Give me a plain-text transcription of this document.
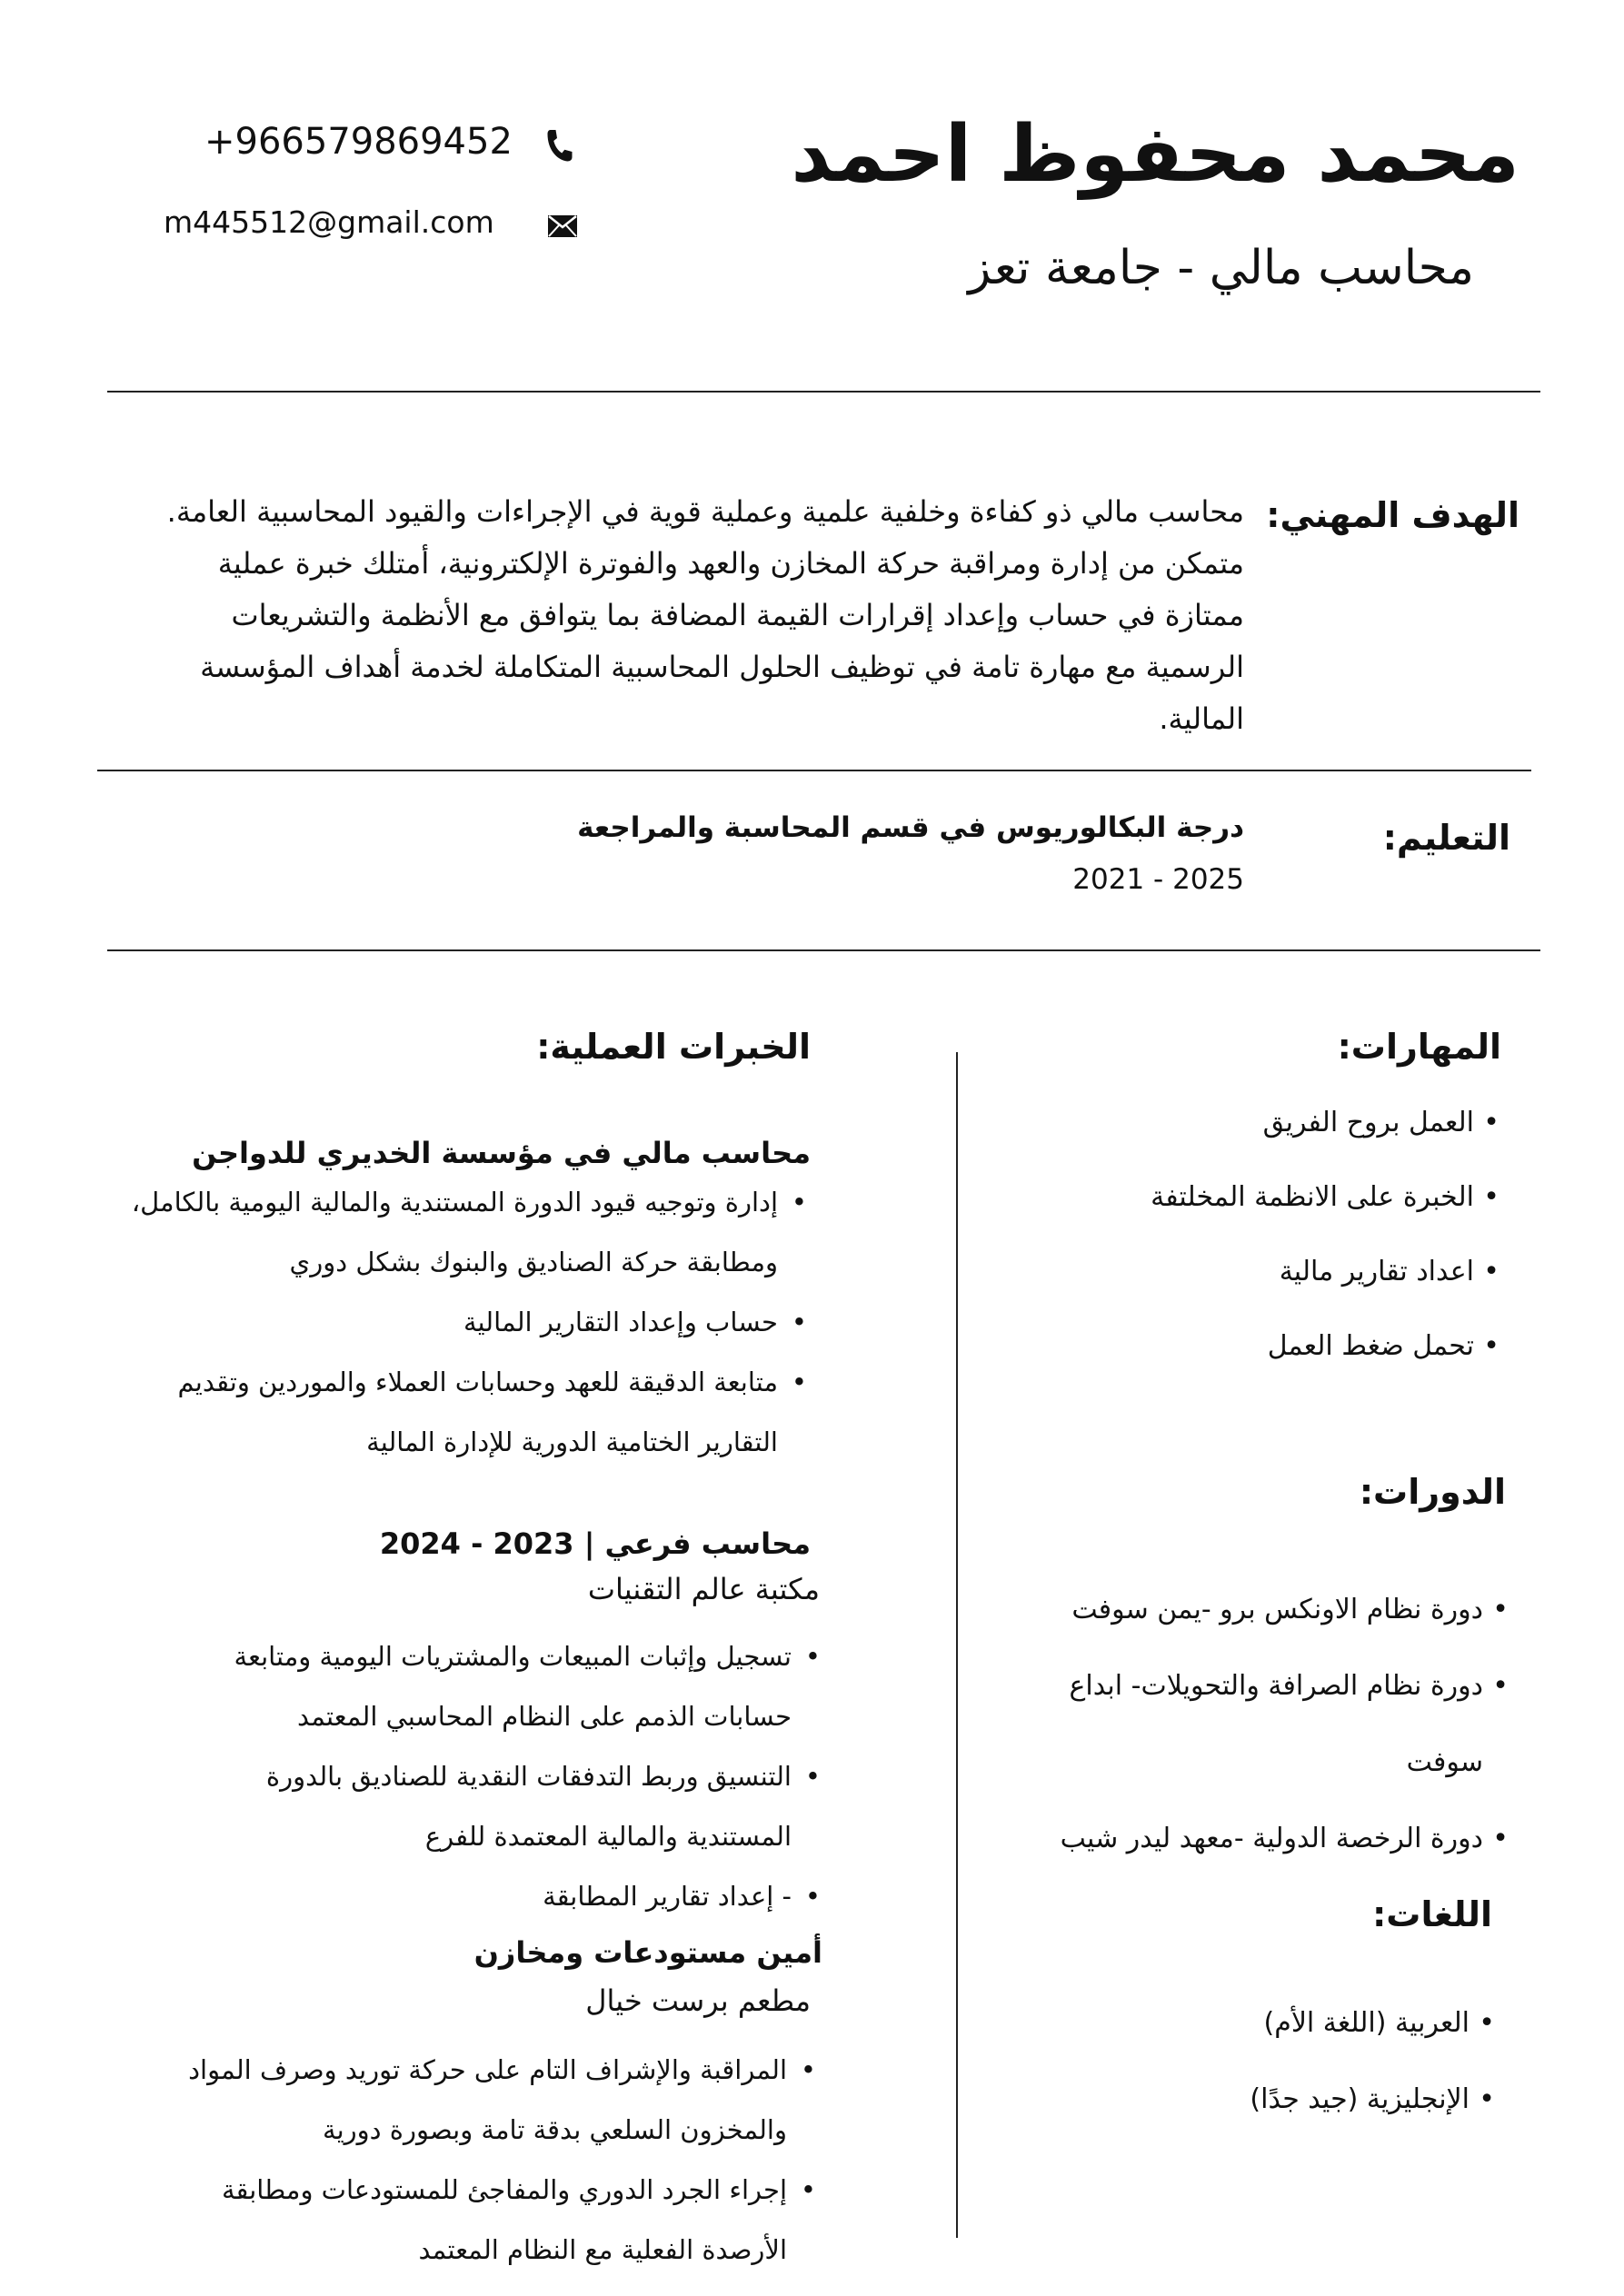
محمد محفوظ احمد
محاسب مالي - جامعة تعز
+966579869452
m445512@gmail.com
الهدف المهني:
محاسب مالي ذو كفاءة وخلفية علمية وعملية قوية في الإجراءات والقيود المحاسبية العامة. متمكن من إدارة ومراقبة حركة المخازن والعهد والفوترة الإلكترونية، أمتلك خبرة عملية ممتازة في حساب وإعداد إقرارات القيمة المضافة بما يتوافق مع الأنظمة والتشريعات الرسمية مع مهارة تامة في توظيف الحلول المحاسبية المتكاملة لخدمة أهداف المؤسسة المالية.
التعليم:
درجة البكالوريوس في قسم المحاسبة والمراجعة
2025 - 2021
المهارات:
• العمل بروح الفريق
• الخبرة على الانظمة المخلتفة
• اعداد تقارير مالية
• تحمل ضغط العمل
الدورات:
• دورة نظام الاونكس برو -يمن سوفت
• دورة نظام الصرافة والتحويلات- ابداع سوفت
• دورة الرخصة الدولية -معهد ليدر شيب
اللغات:
• العربية (اللغة الأم)
• الإنجليزية (جيد جدًا)
الخبرات العملية:
محاسب مالي في مؤسسة الخديري للدواجن
• إدارة وتوجيه قيود الدورة المستندية والمالية اليومية بالكامل، ومطابقة حركة الصناديق والبنوك بشكل دوري
• حساب وإعداد التقارير المالية
• متابعة الدقيقة للعهد وحسابات العملاء والموردين وتقديم التقارير الختامية الدورية للإدارة المالية
محاسب فرعي | 2023 - 2024
مكتبة عالم التقنيات
• تسجيل وإثبات المبيعات والمشتريات اليومية ومتابعة حسابات الذمم على النظام المحاسبي المعتمد
• التنسيق وربط التدفقات النقدية للصناديق بالدورة المستندية والمالية المعتمدة للفرع
• - إعداد تقارير المطابقة
أمين مستودعات ومخازن
مطعم برست خيال
• المراقبة والإشراف التام على حركة توريد وصرف المواد والمخزون السلعي بدقة تامة وبصورة دورية
• إجراء الجرد الدوري والمفاجئ للمستودعات ومطابقة الأرصدة الفعلية مع النظام المعتمد
